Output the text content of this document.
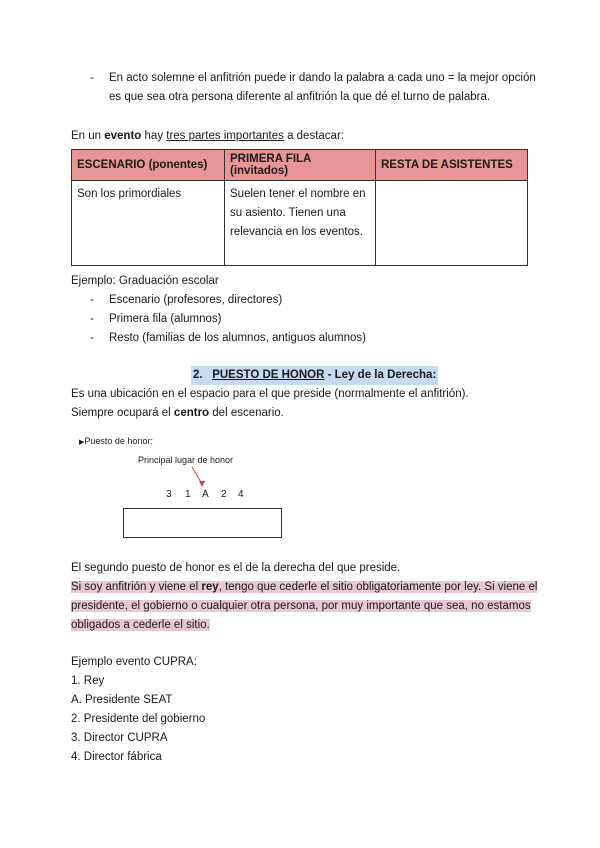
- En acto solemne el anfitrión puede ir dando la palabra a cada uno = la mejor opción
es que sea otra persona diferente al anfitrión la que dé el turno de palabra.
En un evento hay tres partes importantes a destacar:
ESCENARIO (ponentes)	PRIMERA FILA (invitados)	RESTA DE ASISTENTES
Son los primordiales	Suelen tener el nombre en su asiento. Tienen una relevancia en los eventos.	
Ejemplo: Graduación escolar
- Escenario (profesores, directores)
- Primera fila (alumnos)
- Resto (familias de los alumnos, antiguos alumnos)
2. PUESTO DE HONOR - Ley de la Derecha:
Es una ubicación en el espacio para el que preside (normalmente el anfitrión).
Siempre ocupará el centro del escenario.
▶Puesto de honor:
Principal lugar de honor
3 1 A 2 4
El segundo puesto de honor es el de la derecha del que preside.
Si soy anfitrión y viene el rey, tengo que cederle el sitio obligatoriamente por ley. Si viene el
presidente, el gobierno o cualquier otra persona, por muy importante que sea, no estamos
obligados a cederle el sitio.
Ejemplo evento CUPRA:
1. Rey
A. Presidente SEAT
2. Presidente del gobierno
3. Director CUPRA
4. Director fábrica
